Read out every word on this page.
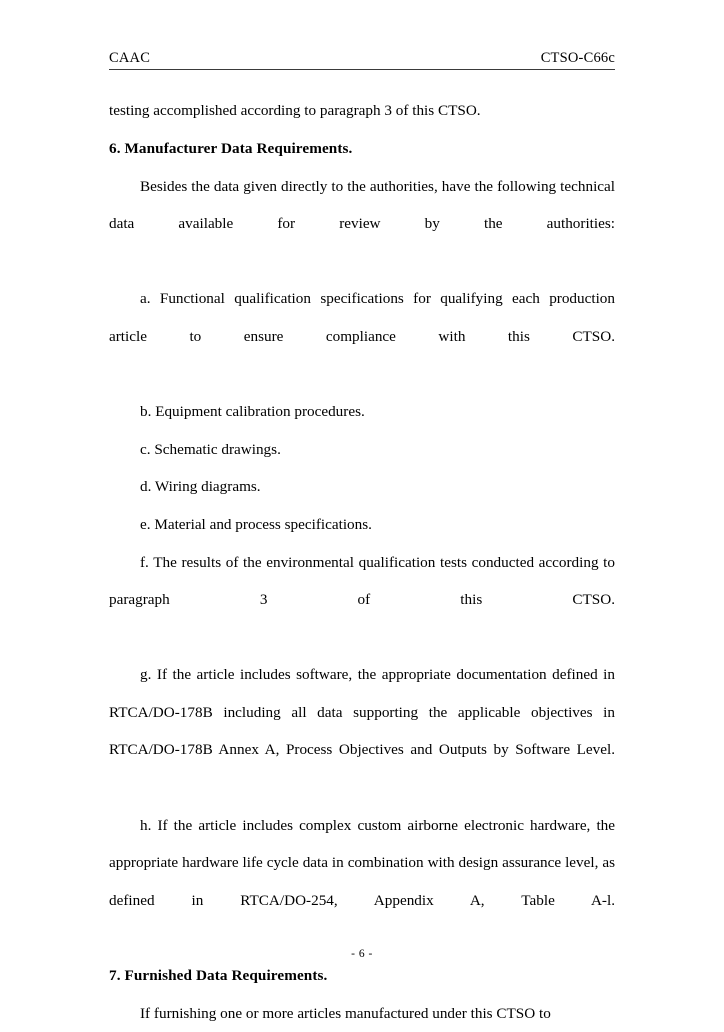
CAAC	CTSO-C66c

testing accomplished according to paragraph 3 of this CTSO.

6. Manufacturer Data Requirements.

Besides the data given directly to the authorities, have the following technical data available for review by the authorities:

a. Functional qualification specifications for qualifying each production article to ensure compliance with this CTSO.

b. Equipment calibration procedures.

c. Schematic drawings.

d. Wiring diagrams.

e. Material and process specifications.

f. The results of the environmental qualification tests conducted according to paragraph 3 of this CTSO.

g. If the article includes software, the appropriate documentation defined in RTCA/DO-178B including all data supporting the applicable objectives in RTCA/DO-178B Annex A, Process Objectives and Outputs by Software Level.

h. If the article includes complex custom airborne electronic hardware, the appropriate hardware life cycle data in combination with design assurance level, as defined in RTCA/DO-254, Appendix A, Table A-l.

7. Furnished Data Requirements.

If furnishing one or more articles manufactured under this CTSO to

- 6 -
